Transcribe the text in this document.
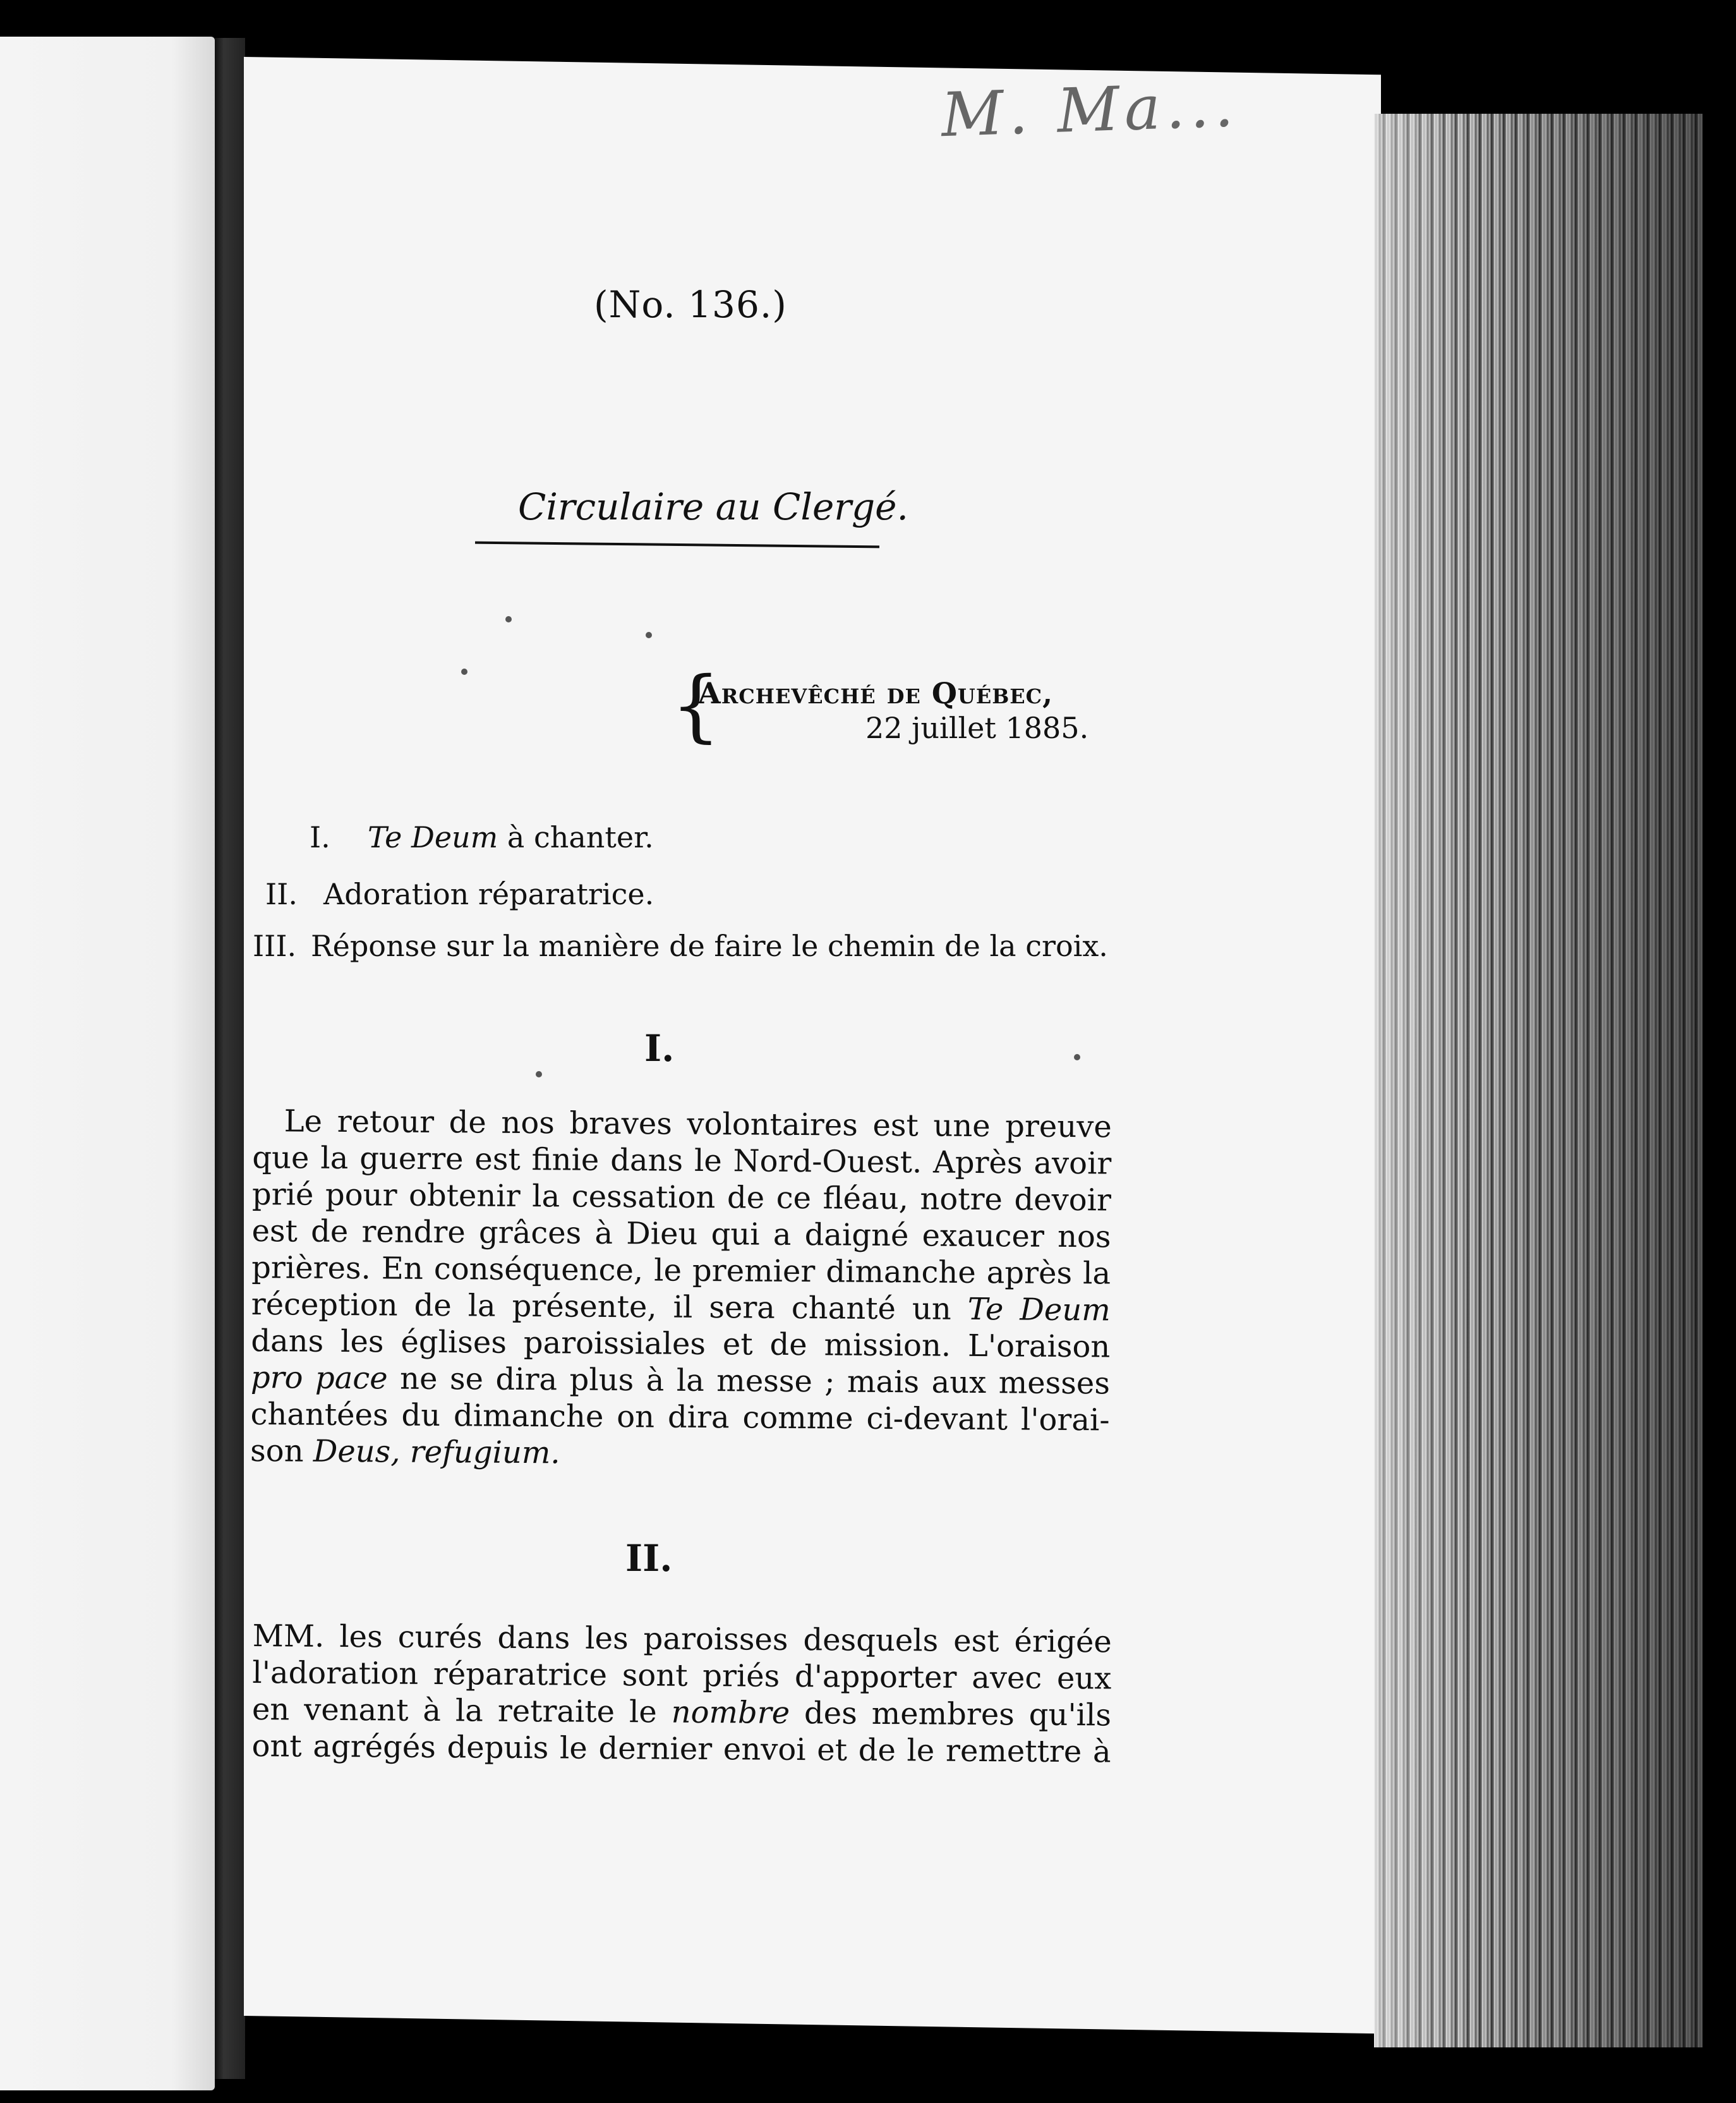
M. Ma...
(No. 136.)
Circulaire au Clergé.
{
Archevêché de Québec,
22 juillet 1885.
I. Te Deum à chanter.
II. Adoration réparatrice.
III. Réponse sur la manière de faire le chemin de la croix.
I.
Le retour de nos braves volontaires est une preuve
que la guerre est finie dans le Nord-Ouest. Après avoir
prié pour obtenir la cessation de ce fléau, notre devoir
est de rendre grâces à Dieu qui a daigné exaucer nos
prières. En conséquence, le premier dimanche après la
réception de la présente, il sera chanté un Te Deum
dans les églises paroissiales et de mission. L'oraison
pro pace ne se dira plus à la messe ; mais aux messes
chantées du dimanche on dira comme ci-devant l'orai-
son Deus, refugium.
II.
MM. les curés dans les paroisses desquels est érigée
l'adoration réparatrice sont priés d'apporter avec eux
en venant à la retraite le nombre des membres qu'ils
ont agrégés depuis le dernier envoi et de le remettre à
